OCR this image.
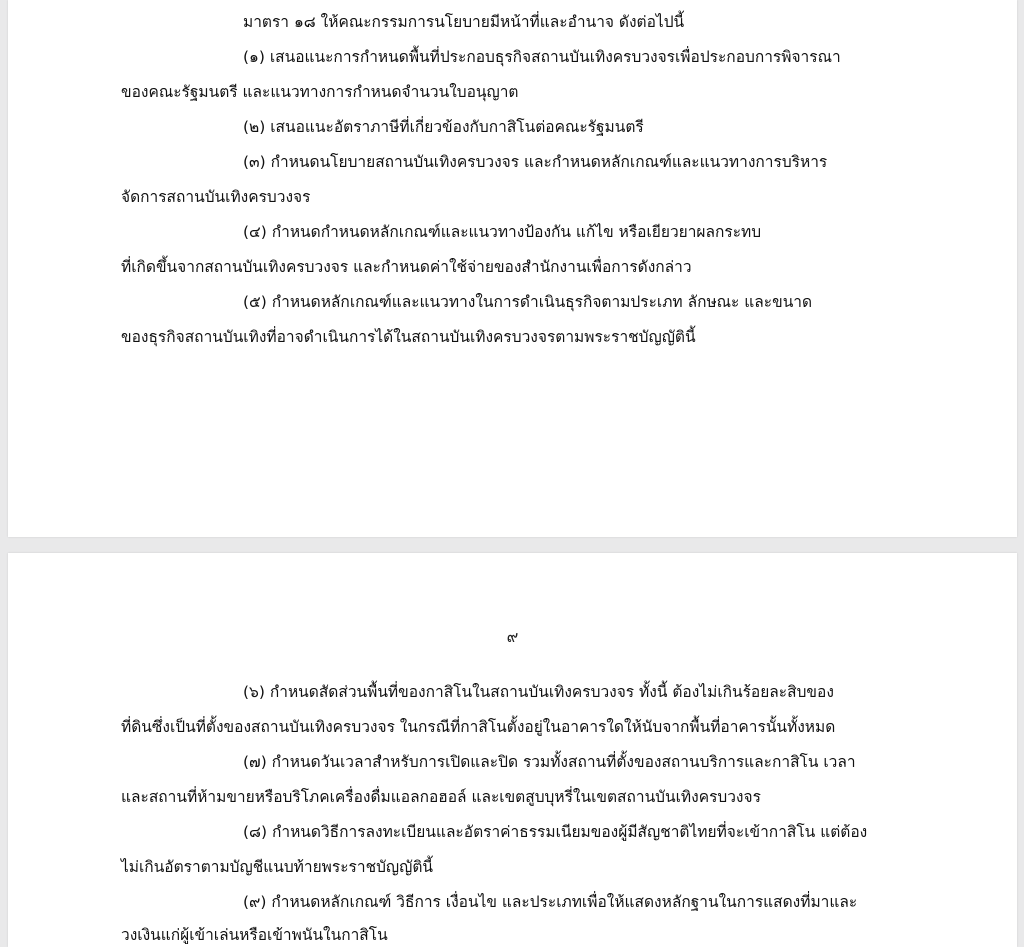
มาตรา ๑๘ ให้คณะกรรมการนโยบายมีหน้าที่และอำนาจ ดังต่อไปนี้
(๑) เสนอแนะการกำหนดพื้นที่ประกอบธุรกิจสถานบันเทิงครบวงจรเพื่อประกอบการพิจารณา
ของคณะรัฐมนตรี และแนวทางการกำหนดจำนวนใบอนุญาต
(๒) เสนอแนะอัตราภาษีที่เกี่ยวข้องกับกาสิโนต่อคณะรัฐมนตรี
(๓) กำหนดนโยบายสถานบันเทิงครบวงจร และกำหนดหลักเกณฑ์และแนวทางการบริหาร
จัดการสถานบันเทิงครบวงจร
(๔) กำหนดกำหนดหลักเกณฑ์และแนวทางป้องกัน แก้ไข หรือเยียวยาผลกระทบ
ที่เกิดขึ้นจากสถานบันเทิงครบวงจร และกำหนดค่าใช้จ่ายของสำนักงานเพื่อการดังกล่าว
(๕) กำหนดหลักเกณฑ์และแนวทางในการดำเนินธุรกิจตามประเภท ลักษณะ และขนาด
ของธุรกิจสถานบันเทิงที่อาจดำเนินการได้ในสถานบันเทิงครบวงจรตามพระราชบัญญัตินี้
๙
(๖) กำหนดสัดส่วนพื้นที่ของกาสิโนในสถานบันเทิงครบวงจร ทั้งนี้ ต้องไม่เกินร้อยละสิบของ
ที่ดินซึ่งเป็นที่ตั้งของสถานบันเทิงครบวงจร ในกรณีที่กาสิโนตั้งอยู่ในอาคารใดให้นับจากพื้นที่อาคารนั้นทั้งหมด
(๗) กำหนดวันเวลาสำหรับการเปิดและปิด รวมทั้งสถานที่ตั้งของสถานบริการและกาสิโน เวลา
และสถานที่ห้ามขายหรือบริโภคเครื่องดื่มแอลกอฮอล์ และเขตสูบบุหรี่ในเขตสถานบันเทิงครบวงจร
(๘) กำหนดวิธีการลงทะเบียนและอัตราค่าธรรมเนียมของผู้มีสัญชาติไทยที่จะเข้ากาสิโน แต่ต้อง
ไม่เกินอัตราตามบัญชีแนบท้ายพระราชบัญญัตินี้
(๙) กำหนดหลักเกณฑ์ วิธีการ เงื่อนไข และประเภทเพื่อให้แสดงหลักฐานในการแสดงที่มาและ
วงเงินแก่ผู้เข้าเล่นหรือเข้าพนันในกาสิโน
